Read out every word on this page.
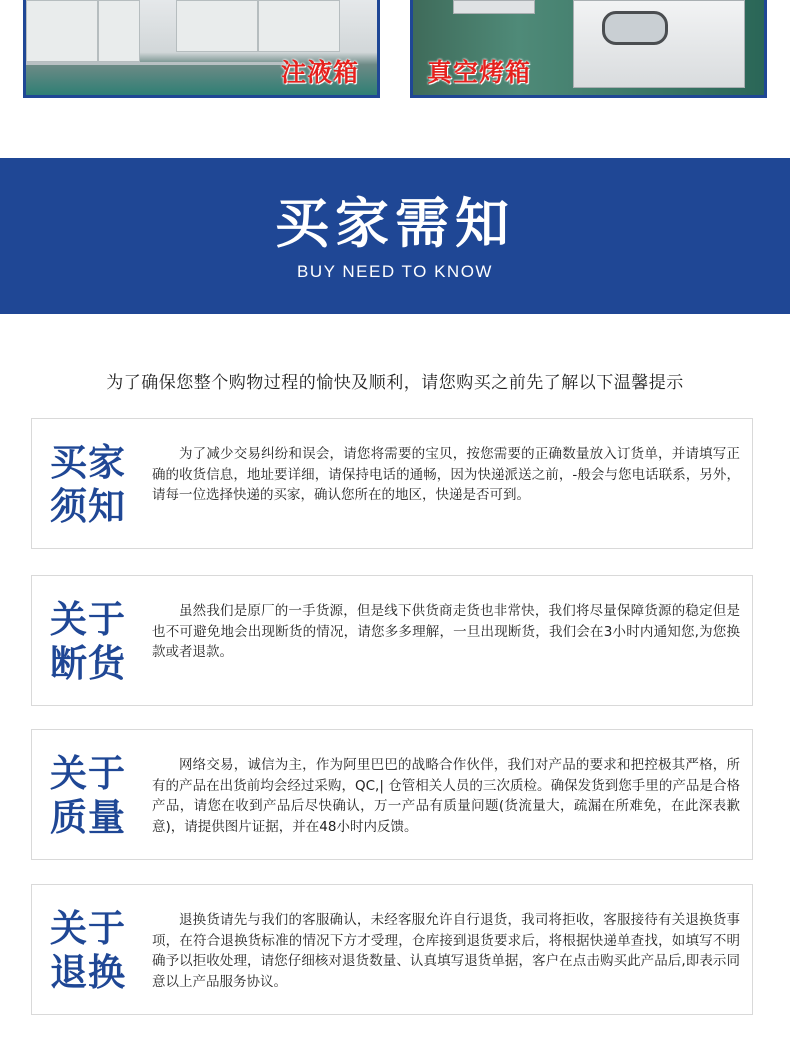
注液箱	真空烤箱
买家需知
BUY NEED TO KNOW
为了确保您整个购物过程的愉快及顺利，请您购买之前先了解以下温馨提示
买家
须知

为了减少交易纠纷和误会，请您将需要的宝贝，按您需要的正确数量放入订货单，并请填写正确的收货信息，地址要详细，请保持电话的通畅，因为快递派送之前，-般会与您电话联系，另外，请每一位选择快递的买家，确认您所在的地区，快递是否可到。

关于
断货

虽然我们是原厂的一手货源，但是线下供货商走货也非常快，我们将尽量保障货源的稳定但是也不可避免地会出现断货的情况，请您多多理解，一旦出现断货，我们会在3小时内通知您,为您换款或者退款。

关于
质量

网络交易，诚信为主，作为阿里巴巴的战略合作伙伴，我们对产品的要求和把控极其严格，所有的产品在出货前均会经过采购，QC,| 仓管相关人员的三次质检。确保发货到您手里的产品是合格产品，请您在收到产品后尽快确认，万一产品有质量问题(货流量大，疏漏在所难免，在此深表歉意)，请提供图片证据，并在48小时内反馈。

关于
退换

退换货请先与我们的客服确认，未经客服允许自行退货，我司将拒收，客服接待有关退换货事项，在符合退换货标准的情况下方才受理，仓库接到退货要求后，将根据快递单查找，如填写不明确予以拒收处理，请您仔细核对退货数量、认真填写退货单据，客户在点击购买此产品后,即表示同意以上产品服务协议。
